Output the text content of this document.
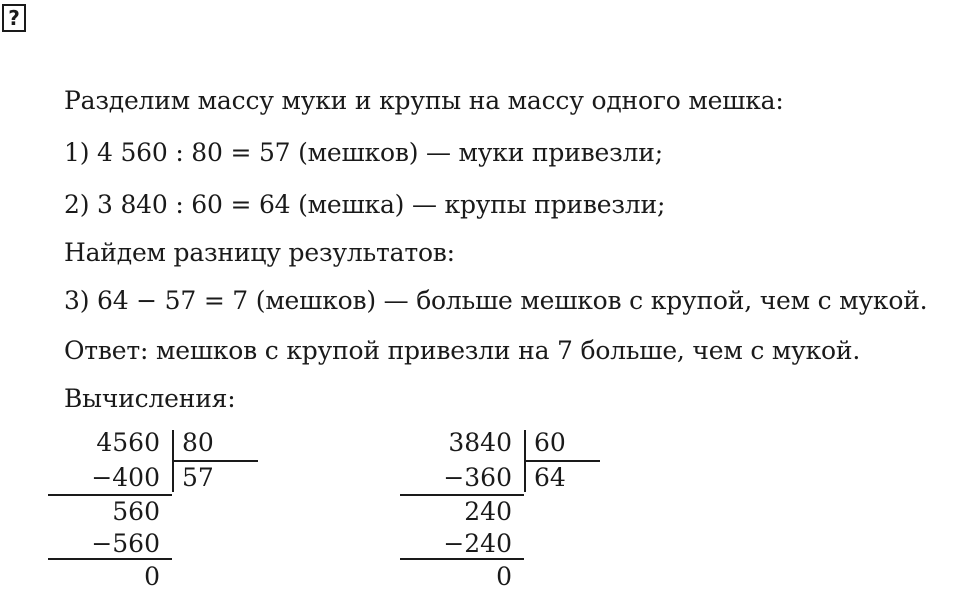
?
Разделим массу муки и крупы на массу одного мешка:
1) 4 560 : 80 = 57 (мешков) — муки привезли;
2) 3 840 : 60 = 64 (мешка) — крупы привезли;
Найдем разницу результатов:
3) 64 − 57 = 7 (мешков) — больше мешков с крупой, чем с мукой.
Ответ: мешков с крупой привезли на 7 больше, чем с мукой.
Вычисления:
4560 80
−400 57
560
−560
0
3840 60
−360 64
240
−240
0
